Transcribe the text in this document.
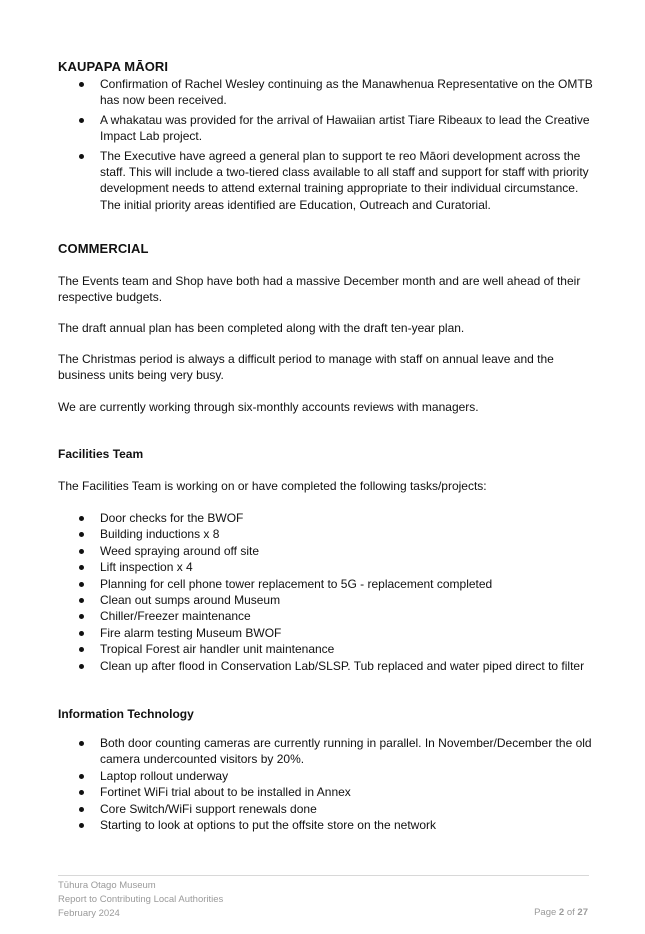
KAUPAPA MĀORI
Confirmation of Rachel Wesley continuing as the Manawhenua Representative on the OMTB has now been received.
A whakatau was provided for the arrival of Hawaiian artist Tiare Ribeaux to lead the Creative Impact Lab project.
The Executive have agreed a general plan to support te reo Māori development across the staff. This will include a two-tiered class available to all staff and support for staff with priority development needs to attend external training appropriate to their individual circumstance. The initial priority areas identified are Education, Outreach and Curatorial.
COMMERCIAL
The Events team and Shop have both had a massive December month and are well ahead of their respective budgets.
The draft annual plan has been completed along with the draft ten-year plan.
The Christmas period is always a difficult period to manage with staff on annual leave and the business units being very busy.
We are currently working through six-monthly accounts reviews with managers.
Facilities Team
The Facilities Team is working on or have completed the following tasks/projects:
Door checks for the BWOF
Building inductions x 8
Weed spraying around off site
Lift inspection x 4
Planning for cell phone tower replacement to 5G - replacement completed
Clean out sumps around Museum
Chiller/Freezer maintenance
Fire alarm testing Museum BWOF
Tropical Forest air handler unit maintenance
Clean up after flood in Conservation Lab/SLSP. Tub replaced and water piped direct to filter
Information Technology
Both door counting cameras are currently running in parallel. In November/December the old camera undercounted visitors by 20%.
Laptop rollout underway
Fortinet WiFi trial about to be installed in Annex
Core Switch/WiFi support renewals done
Starting to look at options to put the offsite store on the network
Tūhura Otago Museum
Report to Contributing Local Authorities
February 2024	Page 2 of 27
